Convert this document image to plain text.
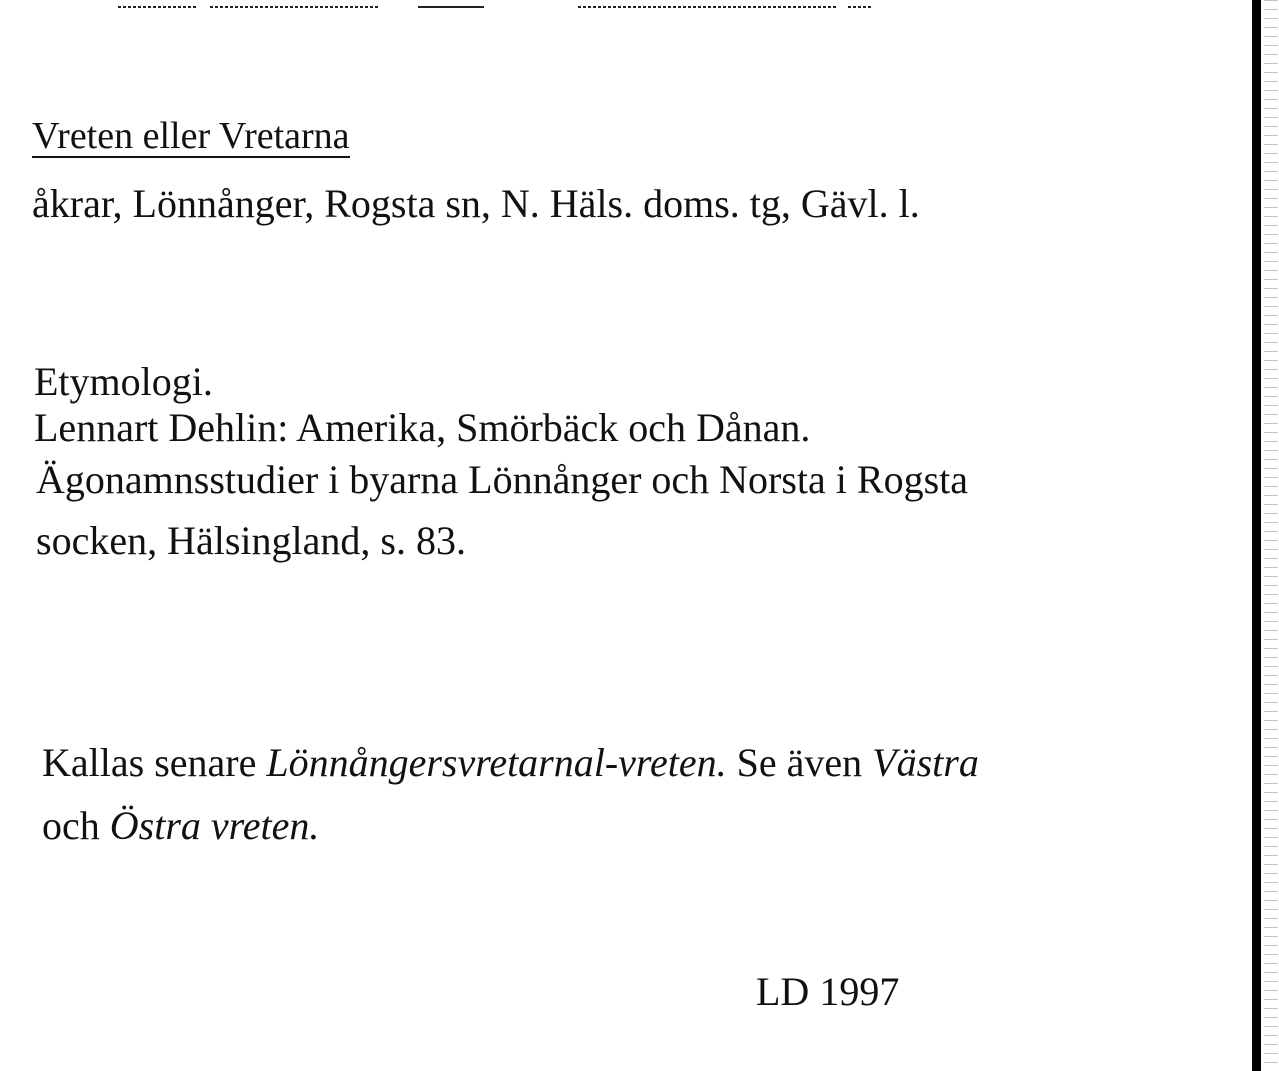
Vreten eller Vretarna
åkrar, Lönnånger, Rogsta sn, N. Häls. doms. tg, Gävl. l.
Etymologi.
Lennart Dehlin: Amerika, Smörbäck och Dånan.
Ägonamnsstudier i byarna Lönnånger och Norsta i Rogsta
socken, Hälsingland, s. 83.
Kallas senare Lönnångersvretarnal-vreten. Se även Västra
och Östra vreten.
LD 1997
